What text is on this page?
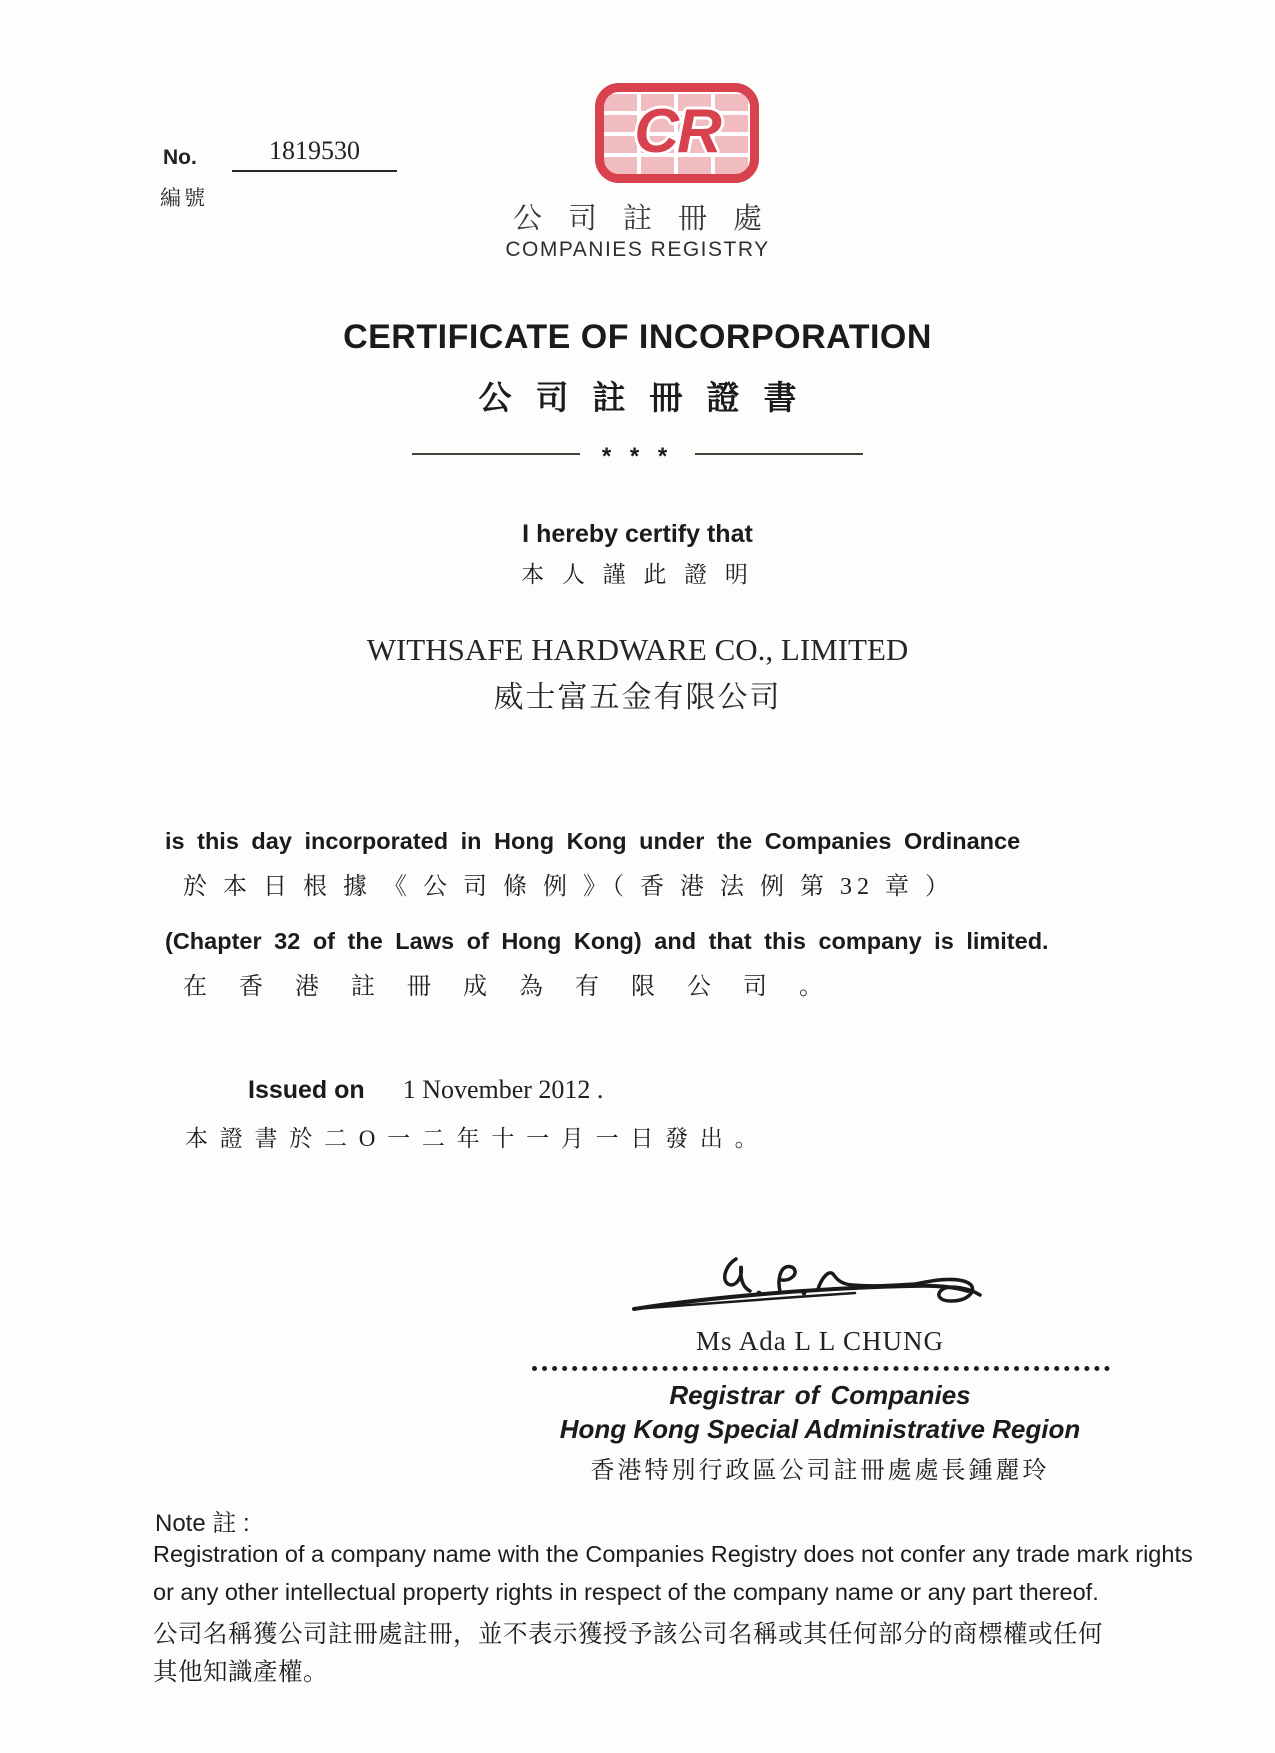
No.	1819530
編號
CR
公司註冊處
COMPANIES REGISTRY
CERTIFICATE OF INCORPORATION
公司註冊證書
* * *
I hereby certify that
本 人 謹 此 證 明
WITHSAFE HARDWARE CO., LIMITED
威士富五金有限公司
is this day incorporated in Hong Kong under the Companies Ordinance
於 本 日 根 據 《 公 司 條 例 》（ 香 港 法 例 第 32 章 ）
(Chapter 32 of the Laws of Hong Kong) and that this company is limited.
在 香 港 註 冊 成 為 有 限 公 司 。
Issued on 1 November 2012 .
本 證 書 於 二 O 一 二 年 十 一 月 一 日 發 出 。
Ms Ada L L CHUNG
Registrar of Companies
Hong Kong Special Administrative Region
香港特別行政區公司註冊處處長鍾麗玲
Note 註 :
Registration of a company name with the Companies Registry does not confer any trade mark rights
or any other intellectual property rights in respect of the company name or any part thereof.
公司名稱獲公司註冊處註冊，並不表示獲授予該公司名稱或其任何部分的商標權或任何
其他知識產權。
